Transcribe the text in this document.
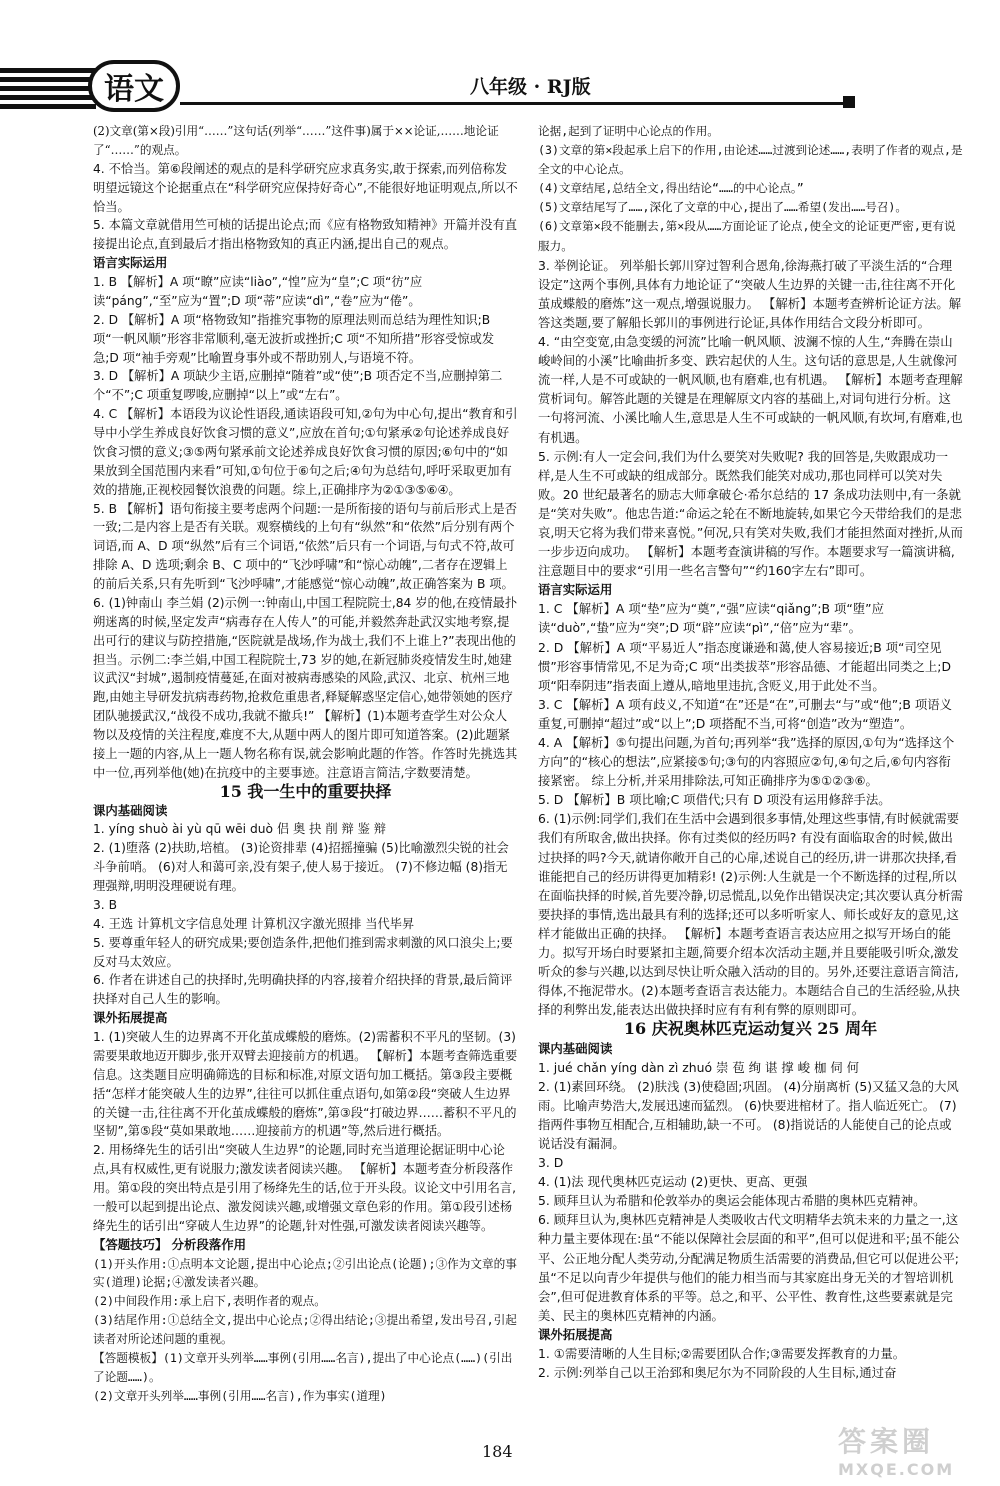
语文	八年级 · RJ版

(2)文章(第×段)引用“……”这句话(列举“……”这件事)属于××论证,……地论证了“……”的观点。

4. 不恰当。第⑥段阐述的观点的是科学研究应求真务实,敢于探索,而列倍称发明望远镜这个论据重点在“科学研究应保持好奇心”,不能很好地证明观点,所以不恰当。

5. 本篇文章就借用竺可桢的话提出论点;而《应有格物致知精神》开篇并没有直接提出论点,直到最后才指出格物致知的真正内涵,提出自己的观点。

语言实际运用

1. B 【解析】A 项“瞭”应读“liào”,“惶”应为“皇”;C 项“彷”应读“páng”,“至”应为“置”;D 项“蒂”应读“dì”,“卷”应为“倦”。

2. D 【解析】A 项“格物致知”指推究事物的原理法则而总结为理性知识;B 项“一帆风顺”形容非常顺利,毫无波折或挫折;C 项“不知所措”形容受惊或发急;D 项“袖手旁观”比喻置身事外或不帮助别人,与语境不符。

3. D 【解析】A 项缺少主语,应删掉“随着”或“使”;B 项否定不当,应删掉第二个“不”;C 项重复啰唆,应删掉“以上”或“左右”。

4. C 【解析】本语段为议论性语段,通读语段可知,②句为中心句,提出“教育和引导中小学生养成良好饮食习惯的意义”,应放在首句;①句紧承②句论述养成良好饮食习惯的意义;③⑤两句紧承前文论述养成良好饮食习惯的原因;⑥句中的“如果放到全国范围内来看”可知,①句位于⑥句之后;④句为总结句,呼吁采取更加有效的措施,正视校园餐饮浪费的问题。综上,正确排序为②①③⑤⑥④。

5. B 【解析】语句衔接主要考虑两个问题:一是所衔接的语句与前后形式上是否一致;二是内容上是否有关联。观察横线的上句有“纵然”和“依然”后分别有两个词语,而 A、D 项“纵然”后有三个词语,“依然”后只有一个词语,与句式不符,故可排除 A、D 选项;剩余 B、C 项中的“飞沙呼啸”和“惊心动魄”,二者存在逻辑上的前后关系,只有先听到“飞沙呼啸”,才能感觉“惊心动魄”,故正确答案为 B 项。

6. (1)钟南山 李兰娟 (2)示例一:钟南山,中国工程院院士,84 岁的他,在疫情最扑朔迷离的时候,坚定发声“病毒存在人传人”的可能,并毅然奔赴武汉实地考察,提出可行的建议与防控措施,“医院就是战场,作为战士,我们不上谁上?”表现出他的担当。示例二:李兰娟,中国工程院院士,73 岁的她,在新冠肺炎疫情发生时,她建议武汉“封城”,遏制疫情蔓延,在面对被病毒感染的风险,武汉、北京、杭州三地跑,由她主导研发抗病毒药物,抢救危重患者,释疑解惑坚定信心,她带领她的医疗团队驰援武汉,“战役不成功,我就不撤兵!” 【解析】(1)本题考查学生对公众人物以及疫情的关注程度,难度不大,从题中两人的图片即可知道答案。(2)此题紧接上一题的内容,从上一题人物名称有误,就会影响此题的作答。作答时先挑选其中一位,再列举他(她)在抗疫中的主要事迹。注意语言简洁,字数要清楚。

15 我一生中的重要抉择

课内基础阅读

1. yíng shuò ài yù qū wēi duò 侣 奥 抉 削 辩 鉴 辩

2. (1)堕落 (2)扶助,培植。 (3)论资排辈 (4)招摇撞骗 (5)比喻激烈尖锐的社会斗争前哨。 (6)对人和蔼可亲,没有架子,使人易于接近。 (7)不修边幅 (8)指无理强辩,明明没理硬说有理。

3. B

4. 王选 计算机文字信息处理 计算机汉字激光照排 当代毕昇

5. 要尊重年轻人的研究成果;要创造条件,把他们推到需求刺激的风口浪尖上;要反对马太效应。

6. 作者在讲述自己的抉择时,先明确抉择的内容,接着介绍抉择的背景,最后简评抉择对自己人生的影响。

课外拓展提高

1. (1)突破人生的边界离不开化茧成蝶般的磨炼。(2)需蓄积不平凡的坚韧。(3)需要果敢地迈开脚步,张开双臂去迎接前方的机遇。 【解析】本题考查筛选重要信息。这类题目应明确筛选的目标和标准,对原文语句加工概括。第③段主要概括“怎样才能突破人生的边界”,往往可以抓住重点语句,如第②段“突破人生边界的关键一击,往往离不开化茧成蝶般的磨炼”,第③段“打破边界……蓄积不平凡的坚韧”,第⑤段“莫如果敢地……迎接前方的机遇”等,然后进行概括。

2. 用杨绛先生的话引出“突破人生边界”的论题,同时充当道理论据证明中心论点,具有权威性,更有说服力;激发读者阅读兴趣。 【解析】本题考查分析段落作用。第①段的突出特点是引用了杨绛先生的话,位于开头段。议论文中引用名言,一般可以起到提出论点、激发阅读兴趣,或增强文章色彩的作用。第①段引述杨绛先生的话引出“穿破人生边界”的论题,针对性强,可激发读者阅读兴趣等。

【答题技巧】 分析段落作用

(1)开头作用:①点明本文论题,提出中心论点;②引出论点(论题);③作为文章的事实(道理)论据;④激发读者兴趣。

(2)中间段作用:承上启下,表明作者的观点。

(3)结尾作用:①总结全文,提出中心论点;②得出结论;③提出希望,发出号召,引起读者对所论述问题的重视。

【答题模板】(1)文章开头列举……事例(引用……名言),提出了中心论点(……)(引出了论题……)。

(2)文章开头列举……事例(引用……名言),作为事实(道理)

论据,起到了证明中心论点的作用。

(3)文章的第×段起承上启下的作用,由论述……过渡到论述……,表明了作者的观点,是全文的中心论点。

(4)文章结尾,总结全文,得出结论“……的中心论点。”

(5)文章结尾写了……,深化了文章的中心,提出了……希望(发出……号召)。

(6)文章第×段不能删去,第×段从……方面论证了论点,使全文的论证更严密,更有说服力。

3. 举例论证。 列举船长郭川穿过智利合恩角,徐海燕打破了平淡生活的“合理设定”这两个事例,具体有力地论证了“突破人生边界的关键一击,往往离不开化茧成蝶般的磨炼”这一观点,增强说服力。 【解析】本题考查辨析论证方法。解答这类题,要了解船长郭川的事例进行论证,具体作用结合文段分析即可。

4. “由空变宽,由急变缓的河流”比喻一帆风顺、波澜不惊的人生,“奔腾在崇山峻岭间的小溪”比喻曲折多变、跌宕起伏的人生。这句话的意思是,人生就像河流一样,人是不可或缺的一帆风顺,也有磨难,也有机遇。 【解析】本题考查理解赏析词句。解答此题的关键是在理解原文内容的基础上,对词句进行分析。这一句将河流、小溪比喻人生,意思是人生不可或缺的一帆风顺,有坎坷,有磨难,也有机遇。

5. 示例:有人一定会问,我们为什么要笑对失败呢? 我的回答是,失败跟成功一样,是人生不可或缺的组成部分。既然我们能笑对成功,那也同样可以笑对失败。20 世纪最著名的励志大师拿破仑·希尔总结的 17 条成功法则中,有一条就是“笑对失败”。他忠告道:“命运之轮在不断地旋转,如果它今天带给我们的是悲哀,明天它将为我们带来喜悦。”何况,只有笑对失败,我们才能担然面对挫折,从而一步步迈向成功。 【解析】本题考查演讲稿的写作。本题要求写一篇演讲稿,注意题目中的要求“引用一些名言警句”“约160字左右”即可。

语言实际运用

1. C 【解析】A 项“垫”应为“奠”,“强”应读“qiǎng”;B 项“堕”应读“duò”,“蛰”应为“突”;D 项“辟”应读“pì”,“倍”应为“辈”。

2. D 【解析】A 项“平易近人”指态度谦逊和蔼,使人容易接近;B 项“司空见惯”形容事情常见,不足为奇;C 项“出类拔萃”形容品德、才能超出同类之上;D 项“阳奉阴违”指表面上遵从,暗地里违抗,含贬义,用于此处不当。

3. C 【解析】A 项有歧义,不知道“在”还是“在”,可删去“与”或“他”;B 项语义重复,可删掉“超过”或“以上”;D 项搭配不当,可将“创造”改为“塑造”。

4. A 【解析】⑤句提出问题,为首句;再列举“我”选择的原因,①句为“选择这个方向”的“核心的想法”,应紧接⑤句;③句的内容照应②句,④句之后,⑥句内容衔接紧密。 综上分析,并采用排除法,可知正确排序为⑤①②③⑥。

5. D 【解析】B 项比喻;C 项借代;只有 D 项没有运用修辞手法。

6. (1)示例:同学们,我们在生活中会遇到很多事情,处理这些事情,有时候就需要我们有所取舍,做出抉择。你有过类似的经历吗? 有没有面临取舍的时候,做出过抉择的吗?今天,就请你敞开自己的心扉,述说自己的经历,讲一讲那次抉择,看谁能把自己的经历讲得更加精彩! (2)示例:人生就是一个不断选择的过程,所以在面临抉择的时候,首先要冷静,切忌慌乱,以免作出错误决定;其次要认真分析需要抉择的事情,选出最具有利的选择;还可以多听听家人、师长或好友的意见,这样才能做出正确的抉择。 【解析】本题考查语言表达应用之拟写开场白的能力。拟写开场白时要紧扣主题,简要介绍本次活动主题,并且要能吸引听众,激发听众的参与兴趣,以达到尽快让听众融入活动的目的。另外,还要注意语言简洁,得体,不拖泥带水。(2)本题考查语言表达能力。本题结合自己的生活经验,从抉择的利弊出发,能表达出做抉择时应有有利有弊的原则即可。

16 庆祝奥林匹克运动复兴 25 周年

课内基础阅读

1. jué chǎn yíng dàn zì zhuó 崇 苞 绚 谌 撑 峻 枷 伺 何

2. (1)素回环绕。 (2)肤浅 (3)使稳固;巩固。 (4)分崩离析 (5)又猛又急的大风雨。比喻声势浩大,发展迅速而猛烈。 (6)快要进棺材了。指人临近死亡。 (7)指两件事物互相配合,互相辅助,缺一不可。 (8)指说话的人能使自己的论点或说话没有漏洞。

3. D

4. (1)法 现代奥林匹克运动 (2)更快、更高、更强

5. 顾拜旦认为希腊和伦敦举办的奥运会能体现古希腊的奥林匹克精神。

6. 顾拜旦认为,奥林匹克精神是人类吸收古代文明精华去筑未来的力量之一,这种力量主要体现在:虽“不能以保障社会层面的和平”,但可以促进和平;虽不能公平、公正地分配人类劳动,分配满足物质生活需要的消费品,但它可以促进公平;虽“不足以向青少年提供与他们的能力相当而与其家庭出身无关的才智培训机会”,但可促进教育体系的平等。总之,和平、公平性、教育性,这些要素就是完美、民主的奥林匹克精神的内涵。

课外拓展提高

1. ①需要清晰的人生目标;②需要团队合作;③需要发挥教育的力量。

2. 示例:列举自己以王治郅和奥尼尔为不同阶段的人生目标,通过奋

184	答案圈
MXQE.COM
